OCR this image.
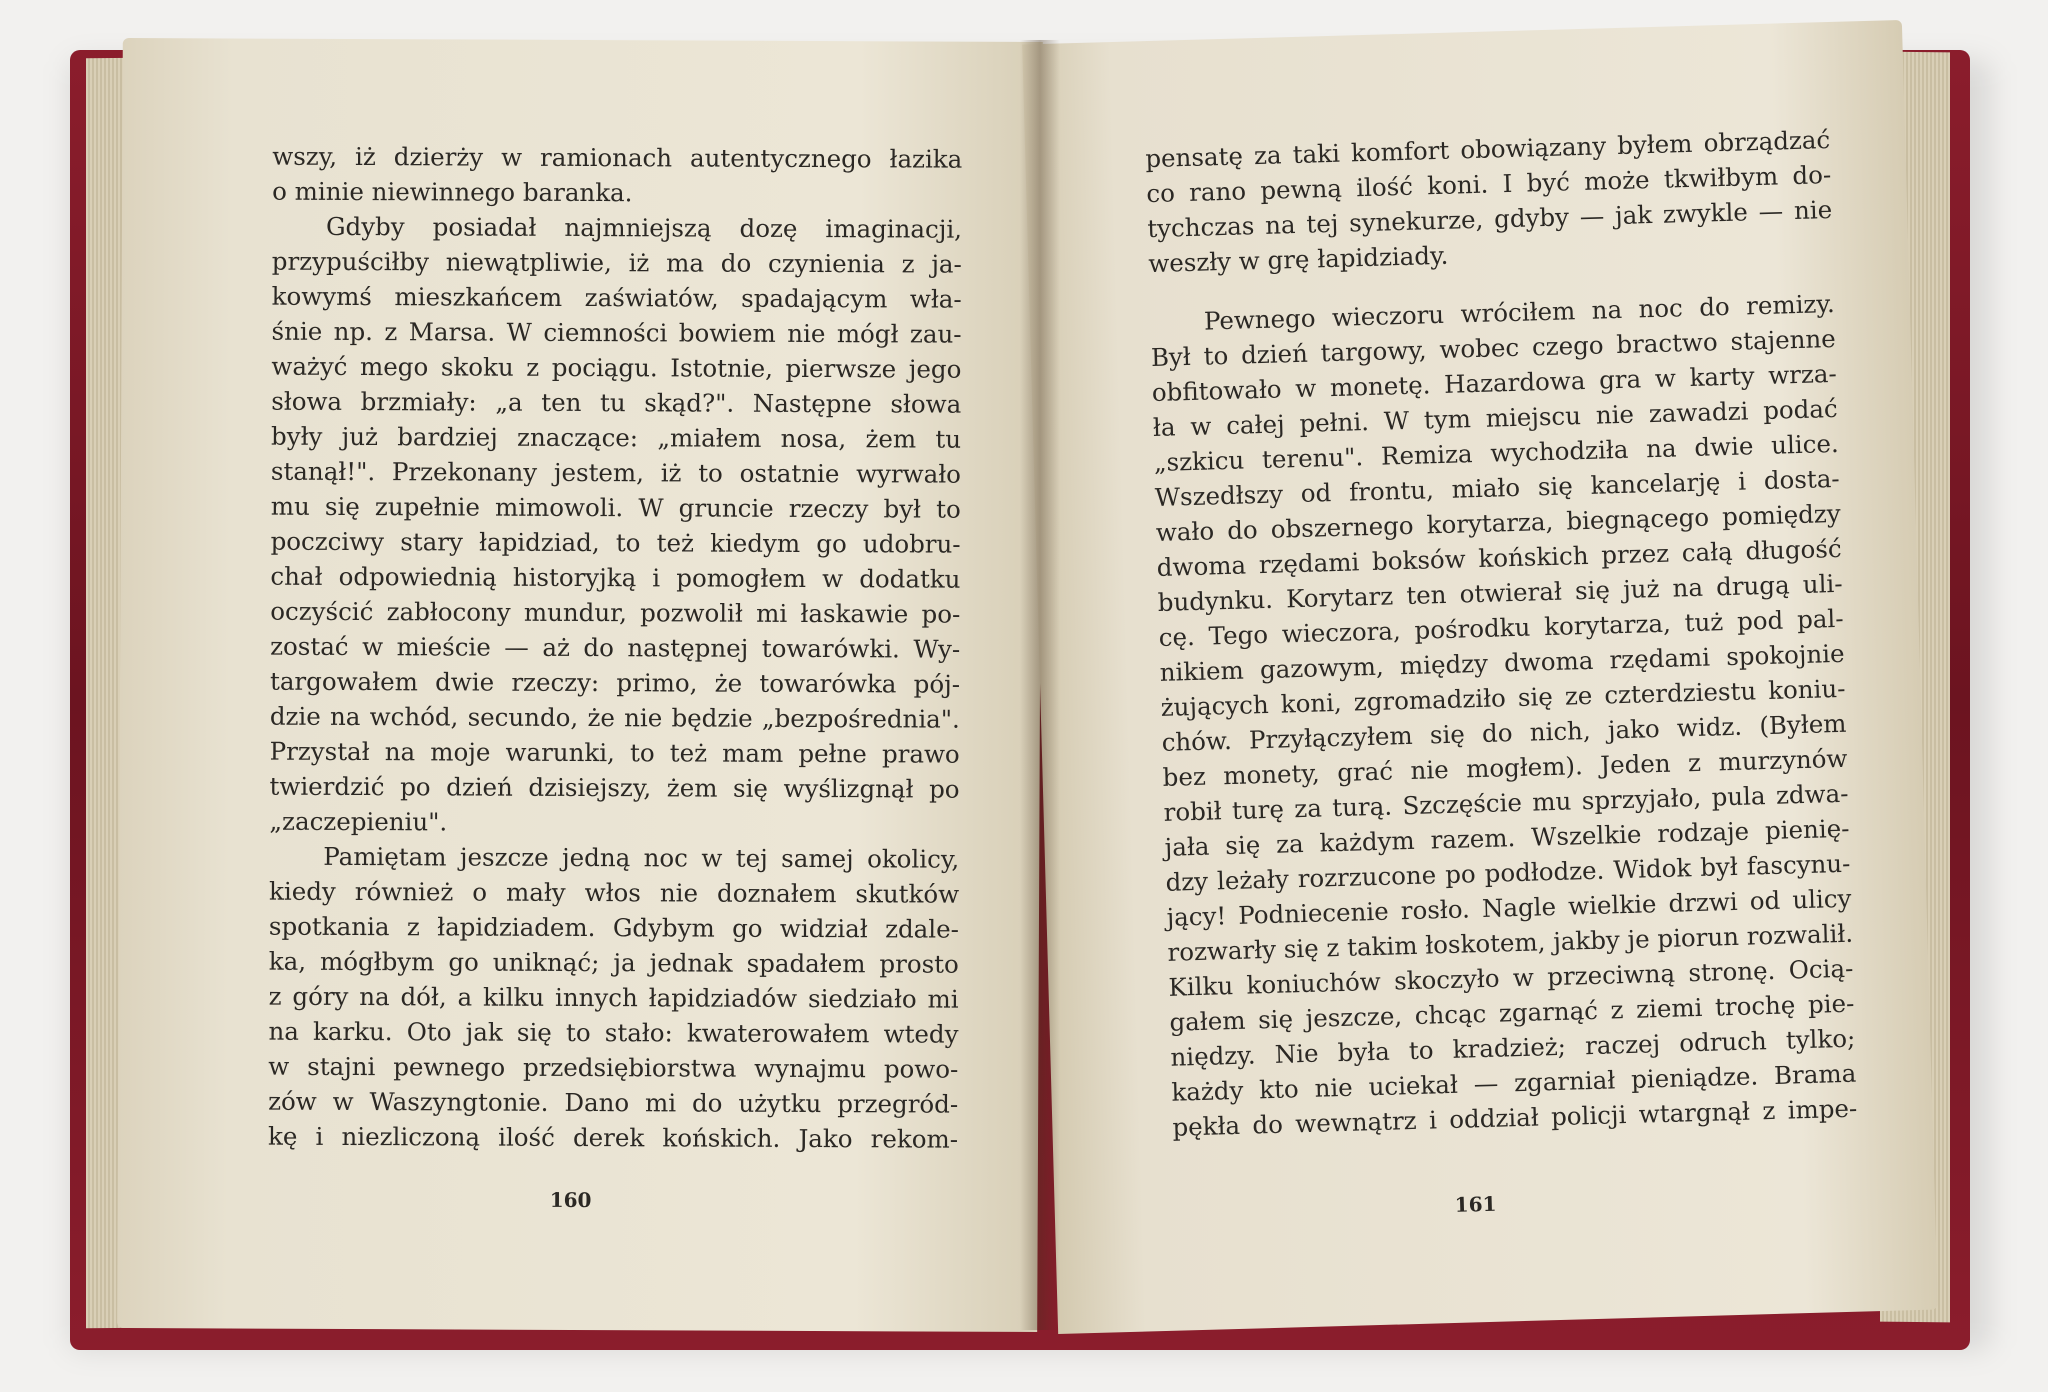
wszy, iż dzierży w ramionach autentycznego łazika
o minie niewinnego baranka.
Gdyby posiadał najmniejszą dozę imaginacji,
przypuściłby niewątpliwie, iż ma do czynienia z ja-
kowymś mieszkańcem zaświatów, spadającym wła-
śnie np. z Marsa. W ciemności bowiem nie mógł zau-
ważyć mego skoku z pociągu. Istotnie, pierwsze jego
słowa brzmiały: „a ten tu skąd?". Następne słowa
były już bardziej znaczące: „miałem nosa, żem tu
stanął!". Przekonany jestem, iż to ostatnie wyrwało
mu się zupełnie mimowoli. W gruncie rzeczy był to
poczciwy stary łapidziad, to też kiedym go udobru-
chał odpowiednią historyjką i pomogłem w dodatku
oczyścić zabłocony mundur, pozwolił mi łaskawie po-
zostać w mieście — aż do następnej towarówki. Wy-
targowałem dwie rzeczy: primo, że towarówka pój-
dzie na wchód, secundo, że nie będzie „bezpośrednia".
Przystał na moje warunki, to też mam pełne prawo
twierdzić po dzień dzisiejszy, żem się wyślizgnął po
„zaczepieniu".
Pamiętam jeszcze jedną noc w tej samej okolicy,
kiedy również o mały włos nie doznałem skutków
spotkania z łapidziadem. Gdybym go widział zdale-
ka, mógłbym go uniknąć; ja jednak spadałem prosto
z góry na dół, a kilku innych łapidziadów siedziało mi
na karku. Oto jak się to stało: kwaterowałem wtedy
w stajni pewnego przedsiębiorstwa wynajmu powo-
zów w Waszyngtonie. Dano mi do użytku przegród-
kę i niezliczoną ilość derek końskich. Jako rekom-
160
pensatę za taki komfort obowiązany byłem obrządzać
co rano pewną ilość koni. I być może tkwiłbym do-
tychczas na tej synekurze, gdyby — jak zwykle — nie
weszły w grę łapidziady.
Pewnego wieczoru wróciłem na noc do remizy.
Był to dzień targowy, wobec czego bractwo stajenne
obfitowało w monetę. Hazardowa gra w karty wrza-
ła w całej pełni. W tym miejscu nie zawadzi podać
„szkicu terenu". Remiza wychodziła na dwie ulice.
Wszedłszy od frontu, miało się kancelarję i dosta-
wało do obszernego korytarza, biegnącego pomiędzy
dwoma rzędami boksów końskich przez całą długość
budynku. Korytarz ten otwierał się już na drugą uli-
cę. Tego wieczora, pośrodku korytarza, tuż pod pal-
nikiem gazowym, między dwoma rzędami spokojnie
żujących koni, zgromadziło się ze czterdziestu koniu-
chów. Przyłączyłem się do nich, jako widz. (Byłem
bez monety, grać nie mogłem). Jeden z murzynów
robił turę za turą. Szczęście mu sprzyjało, pula zdwa-
jała się za każdym razem. Wszelkie rodzaje pienię-
dzy leżały rozrzucone po podłodze. Widok był fascynu-
jący! Podniecenie rosło. Nagle wielkie drzwi od ulicy
rozwarły się z takim łoskotem, jakby je piorun rozwalił.
Kilku koniuchów skoczyło w przeciwną stronę. Ocią-
gałem się jeszcze, chcąc zgarnąć z ziemi trochę pie-
niędzy. Nie była to kradzież; raczej odruch tylko;
każdy kto nie uciekał — zgarniał pieniądze. Brama
pękła do wewnątrz i oddział policji wtargnął z impe-
161
